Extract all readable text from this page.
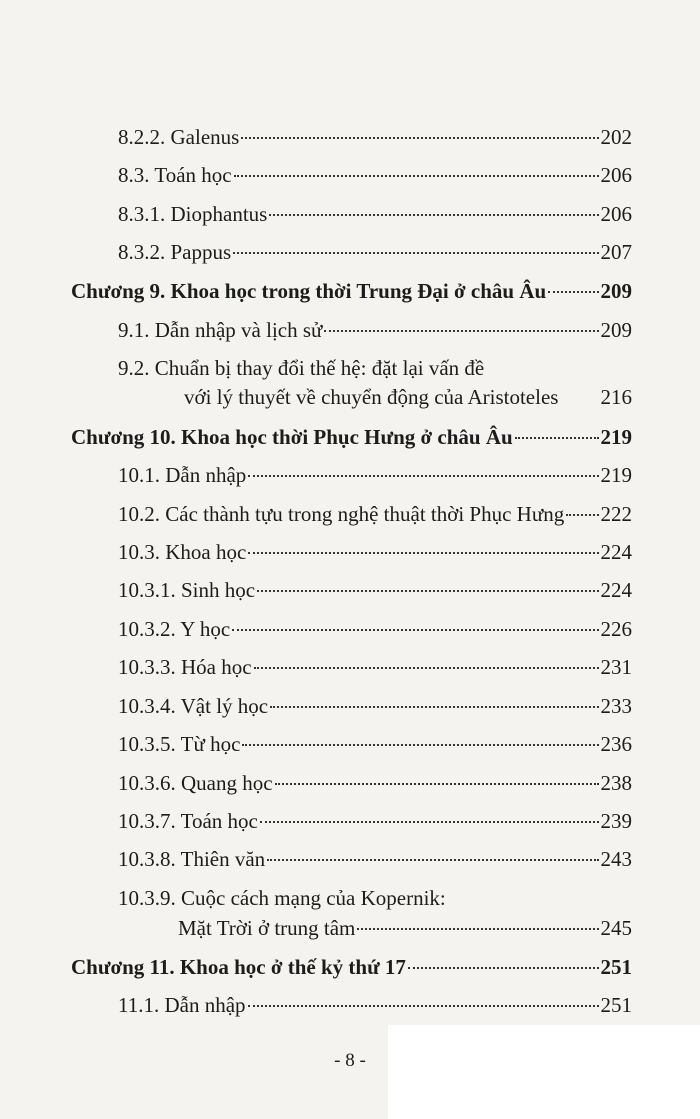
8.2.2. Galenus	202
8.3. Toán học	206
8.3.1. Diophantus	206
8.3.2. Pappus	207
Chương 9. Khoa học trong thời Trung Đại ở châu Âu	209
9.1. Dẫn nhập và lịch sử	209
9.2. Chuẩn bị thay đổi thế hệ: đặt lại vấn đề
với lý thuyết về chuyển động của Aristoteles 216
Chương 10. Khoa học thời Phục Hưng ở châu Âu	219
10.1. Dẫn nhập	219
10.2. Các thành tựu trong nghệ thuật thời Phục Hưng 222
10.3. Khoa học	224
10.3.1. Sinh học	224
10.3.2. Y học	226
10.3.3. Hóa học	231
10.3.4. Vật lý học	233
10.3.5. Từ học	236
10.3.6. Quang học	238
10.3.7. Toán học	239
10.3.8. Thiên văn	243
10.3.9. Cuộc cách mạng của Kopernik:
Mặt Trời ở trung tâm	245
Chương 11. Khoa học ở thế kỷ thứ 17	251
11.1. Dẫn nhập	251
- 8 -
